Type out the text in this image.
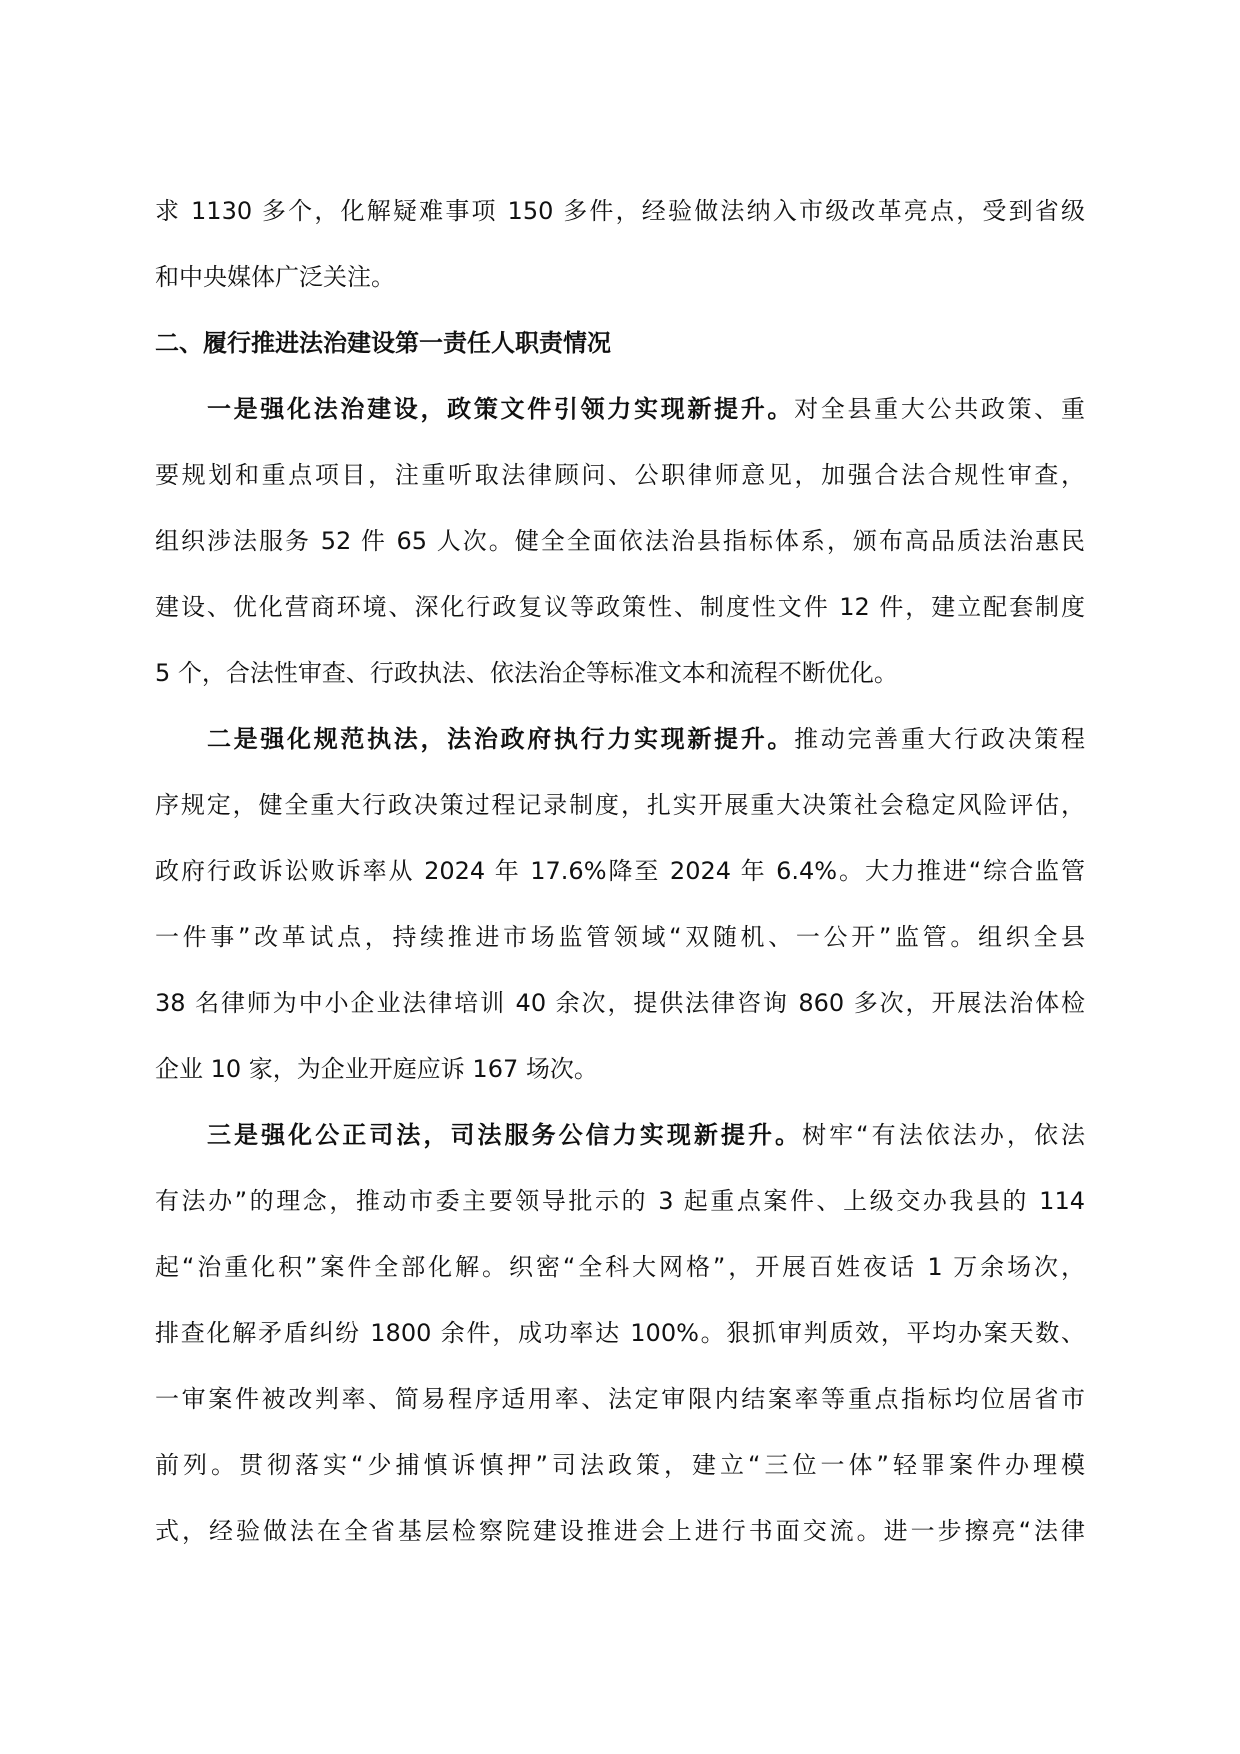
求 1130 多个，化解疑难事项 150 多件，经验做法纳入市级改革亮点，受到省级
和中央媒体广泛关注。
二、履行推进法治建设第一责任人职责情况
一是强化法治建设，政策文件引领力实现新提升。对全县重大公共政策、重
要规划和重点项目，注重听取法律顾问、公职律师意见，加强合法合规性审查，
组织涉法服务 52 件 65 人次。健全全面依法治县指标体系，颁布高品质法治惠民
建设、优化营商环境、深化行政复议等政策性、制度性文件 12 件，建立配套制度
5 个，合法性审查、行政执法、依法治企等标准文本和流程不断优化。
二是强化规范执法，法治政府执行力实现新提升。推动完善重大行政决策程
序规定，健全重大行政决策过程记录制度，扎实开展重大决策社会稳定风险评估，
政府行政诉讼败诉率从 2024 年 17.6%降至 2024 年 6.4%。大力推进“综合监管
一件事”改革试点，持续推进市场监管领域“双随机、一公开”监管。组织全县
38 名律师为中小企业法律培训 40 余次，提供法律咨询 860 多次，开展法治体检
企业 10 家，为企业开庭应诉 167 场次。
三是强化公正司法，司法服务公信力实现新提升。树牢“有法依法办，依法
有法办”的理念，推动市委主要领导批示的 3 起重点案件、上级交办我县的 114
起“治重化积”案件全部化解。织密“全科大网格”，开展百姓夜话 1 万余场次，
排查化解矛盾纠纷 1800 余件，成功率达 100%。狠抓审判质效，平均办案天数、
一审案件被改判率、简易程序适用率、法定审限内结案率等重点指标均位居省市
前列。贯彻落实“少捕慎诉慎押”司法政策，建立“三位一体”轻罪案件办理模
式，经验做法在全省基层检察院建设推进会上进行书面交流。进一步擦亮“法律
